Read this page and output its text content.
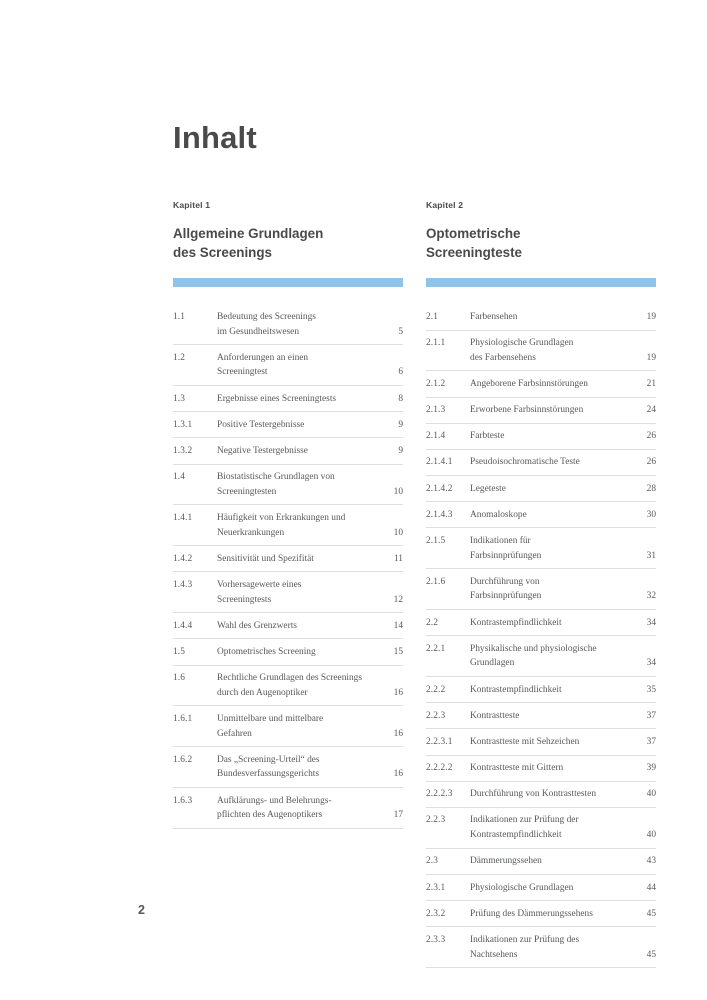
Inhalt
Kapitel 1
Allgemeine Grundlagen
des Screenings
1.1	Bedeutung des Screenings
im Gesundheitswesen	5
1.2	Anforderungen an einen
Screeningtest	6
1.3	Ergebnisse eines Screeningtests	8
1.3.1	Positive Testergebnisse	9
1.3.2	Negative Testergebnisse	9
1.4	Biostatistische Grundlagen von
Screeningtesten	10
1.4.1	Häufigkeit von Erkrankungen und
Neuerkrankungen	10
1.4.2	Sensitivität und Spezifität	11
1.4.3	Vorhersagewerte eines
Screeningtests	12
1.4.4	Wahl des Grenzwerts	14
1.5	Optometrisches Screening	15
1.6	Rechtliche Grundlagen des Screenings
durch den Augenoptiker	16
1.6.1	Unmittelbare und mittelbare
Gefahren	16
1.6.2	Das „Screening-Urteil“ des
Bundesverfassungsgerichts	16
1.6.3	Aufklärungs- und Belehrungs-
pflichten des Augenoptikers	17
Kapitel 2
Optometrische
Screeningteste
2.1	Farbensehen	19
2.1.1	Physiologische Grundlagen
des Farbensehens	19
2.1.2	Angeborene Farbsinnstörungen	21
2.1.3	Erworbene Farbsinnstörungen	24
2.1.4	Farbteste	26
2.1.4.1	Pseudoisochromatische Teste	26
2.1.4.2	Legeteste	28
2.1.4.3	Anomaloskope	30
2.1.5	Indikationen für
Farbsinnprüfungen	31
2.1.6	Durchführung von
Farbsinnprüfungen	32
2.2	Kontrastempfindlichkeit	34
2.2.1	Physikalische und physiologische
Grundlagen	34
2.2.2	Kontrastempfindlichkeit	35
2.2.3	Kontrastteste	37
2.2.3.1	Kontrastteste mit Sehzeichen	37
2.2.2.2	Kontrastteste mit Gittern	39
2.2.2.3	Durchführung von Kontrasttesten	40
2.2.3	Indikationen zur Prüfung der
Kontrastempfindlichkeit	40
2.3	Dämmerungssehen	43
2.3.1	Physiologische Grundlagen	44
2.3.2	Prüfung des Dämmerungssehens	45
2.3.3	Indikationen zur Prüfung des
Nachtsehens	45
2
